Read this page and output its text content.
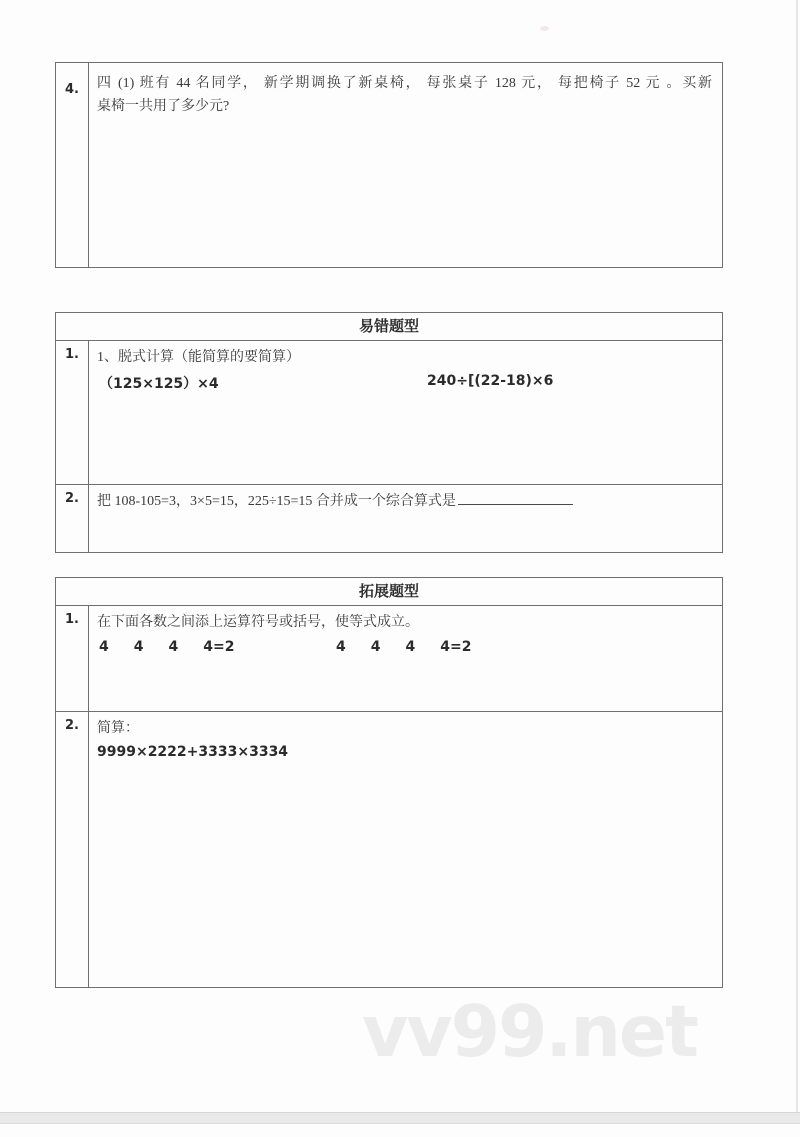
4.	四 (1) 班有 44 名同学， 新学期调换了新桌椅， 每张桌子 128 元， 每把椅子 52 元 。买新
桌椅一共用了多少元?
易错题型
1.	1、脱式计算（能简算的要简算）
（125×125）×4	240÷[(22-18)×6
2.	把 108-105=3，3×5=15，225÷15=15 合并成一个综合算式是
拓展题型
1.	在下面各数之间添上运算符号或括号，使等式成立。
4 4 4 4=2	4 4 4 4=2
2.	简算：
9999×2222+3333×3334
vv99.net
